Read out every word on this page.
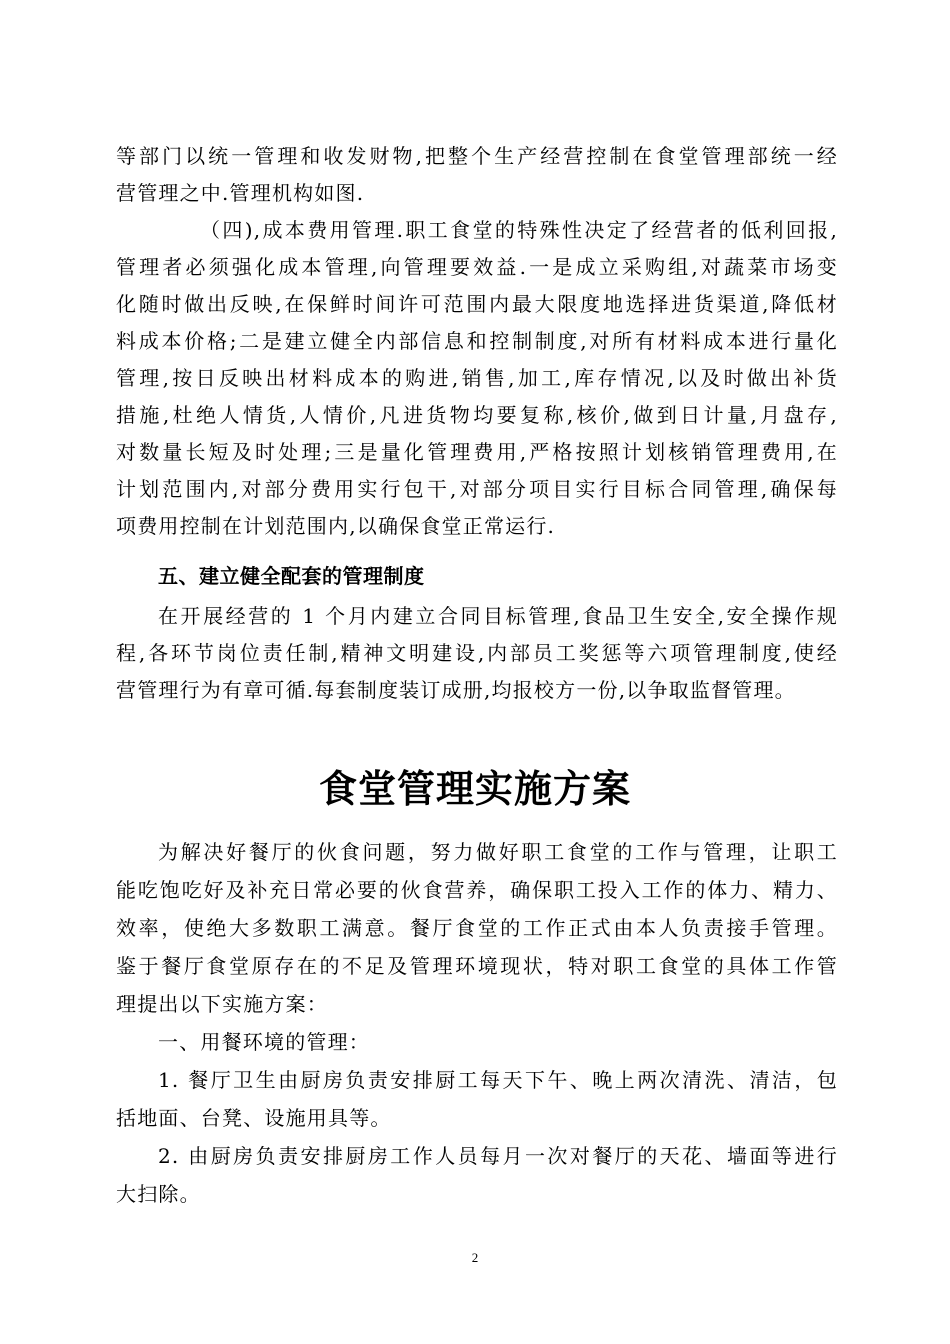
等部门以统一管理和收发财物,把整个生产经营控制在食堂管理部统一经

营管理之中.管理机构如图.

（四),成本费用管理.职工食堂的特殊性决定了经营者的低利回报,

管理者必须强化成本管理,向管理要效益.一是成立采购组,对蔬菜市场变

化随时做出反映,在保鲜时间许可范围内最大限度地选择进货渠道,降低材

料成本价格;二是建立健全内部信息和控制制度,对所有材料成本进行量化

管理,按日反映出材料成本的购进,销售,加工,库存情况,以及时做出补货

措施,杜绝人情货,人情价,凡进货物均要复称,核价,做到日计量,月盘存,

对数量长短及时处理;三是量化管理费用,严格按照计划核销管理费用,在

计划范围内,对部分费用实行包干,对部分项目实行目标合同管理,确保每

项费用控制在计划范围内,以确保食堂正常运行.

五、建立健全配套的管理制度

在开展经营的 1 个月内建立合同目标管理,食品卫生安全,安全操作规

程,各环节岗位责任制,精神文明建设,内部员工奖惩等六项管理制度,使经

营管理行为有章可循.每套制度装订成册,均报校方一份,以争取监督管理。

食堂管理实施方案

为解决好餐厅的伙食问题，努力做好职工食堂的工作与管理，让职工

能吃饱吃好及补充日常必要的伙食营养，确保职工投入工作的体力、精力、

效率，使绝大多数职工满意。餐厅食堂的工作正式由本人负责接手管理。

鉴于餐厅食堂原存在的不足及管理环境现状，特对职工食堂的具体工作管

理提出以下实施方案：

一、用餐环境的管理：

1. 餐厅卫生由厨房负责安排厨工每天下午、晚上两次清洗、清洁，包

括地面、台凳、设施用具等。

2. 由厨房负责安排厨房工作人员每月一次对餐厅的天花、墙面等进行

大扫除。

2
